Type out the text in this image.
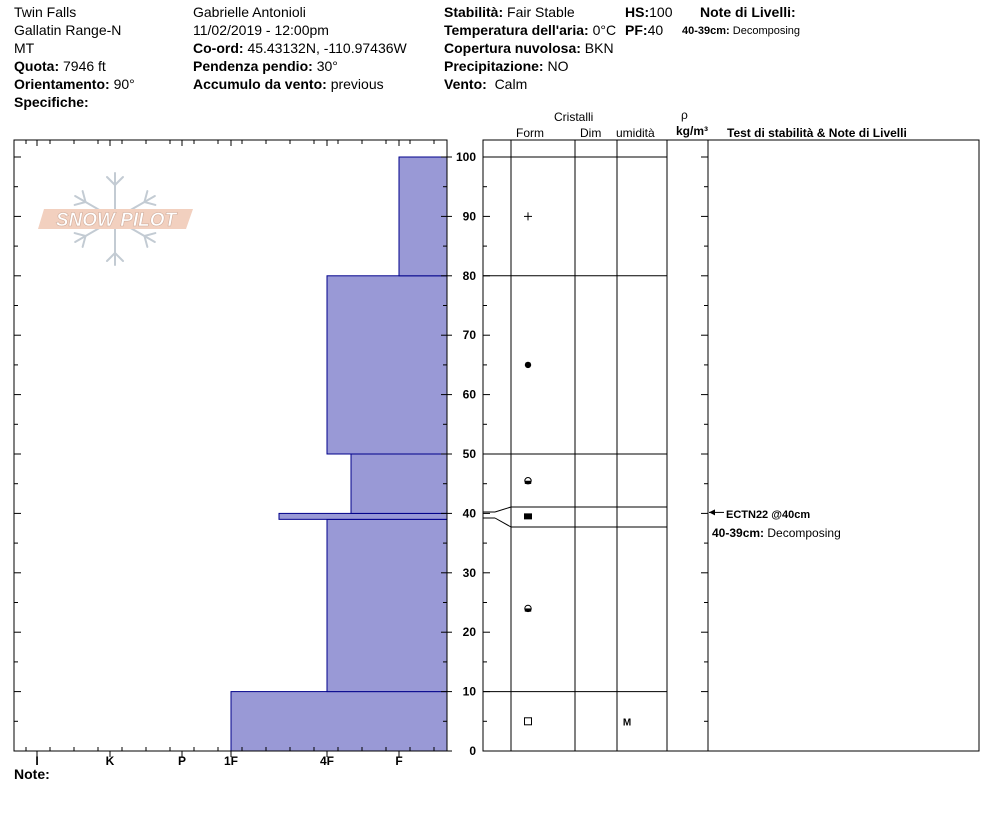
Twin Falls
Gallatin Range-N
MT
Quota: 7946 ft
Orientamento: 90°
Specifiche:
Gabrielle Antonioli
11/02/2019 - 12:00pm
Co-ord: 45.43132N, -110.97436W
Pendenza pendio: 30°
Accumulo da vento: previous
Stabilità: Fair Stable
Temperatura dell'aria: 0°C
Copertura nuvolosa: BKN
Precipitazione: NO
Vento: Calm
HS:100
PF:40
Note di Livelli:
40-39cm: Decomposing
Cristalli
Form	Dim umidità
ρ
kg/m³ Test di stabilità & Note di Livelli
SNOW PILOT
I	K	P	1F	4F	F
0
10
20
30
40
50
60
70
80
90
100
M
ECTN22 @40cm
40-39cm: Decomposing
Note:
